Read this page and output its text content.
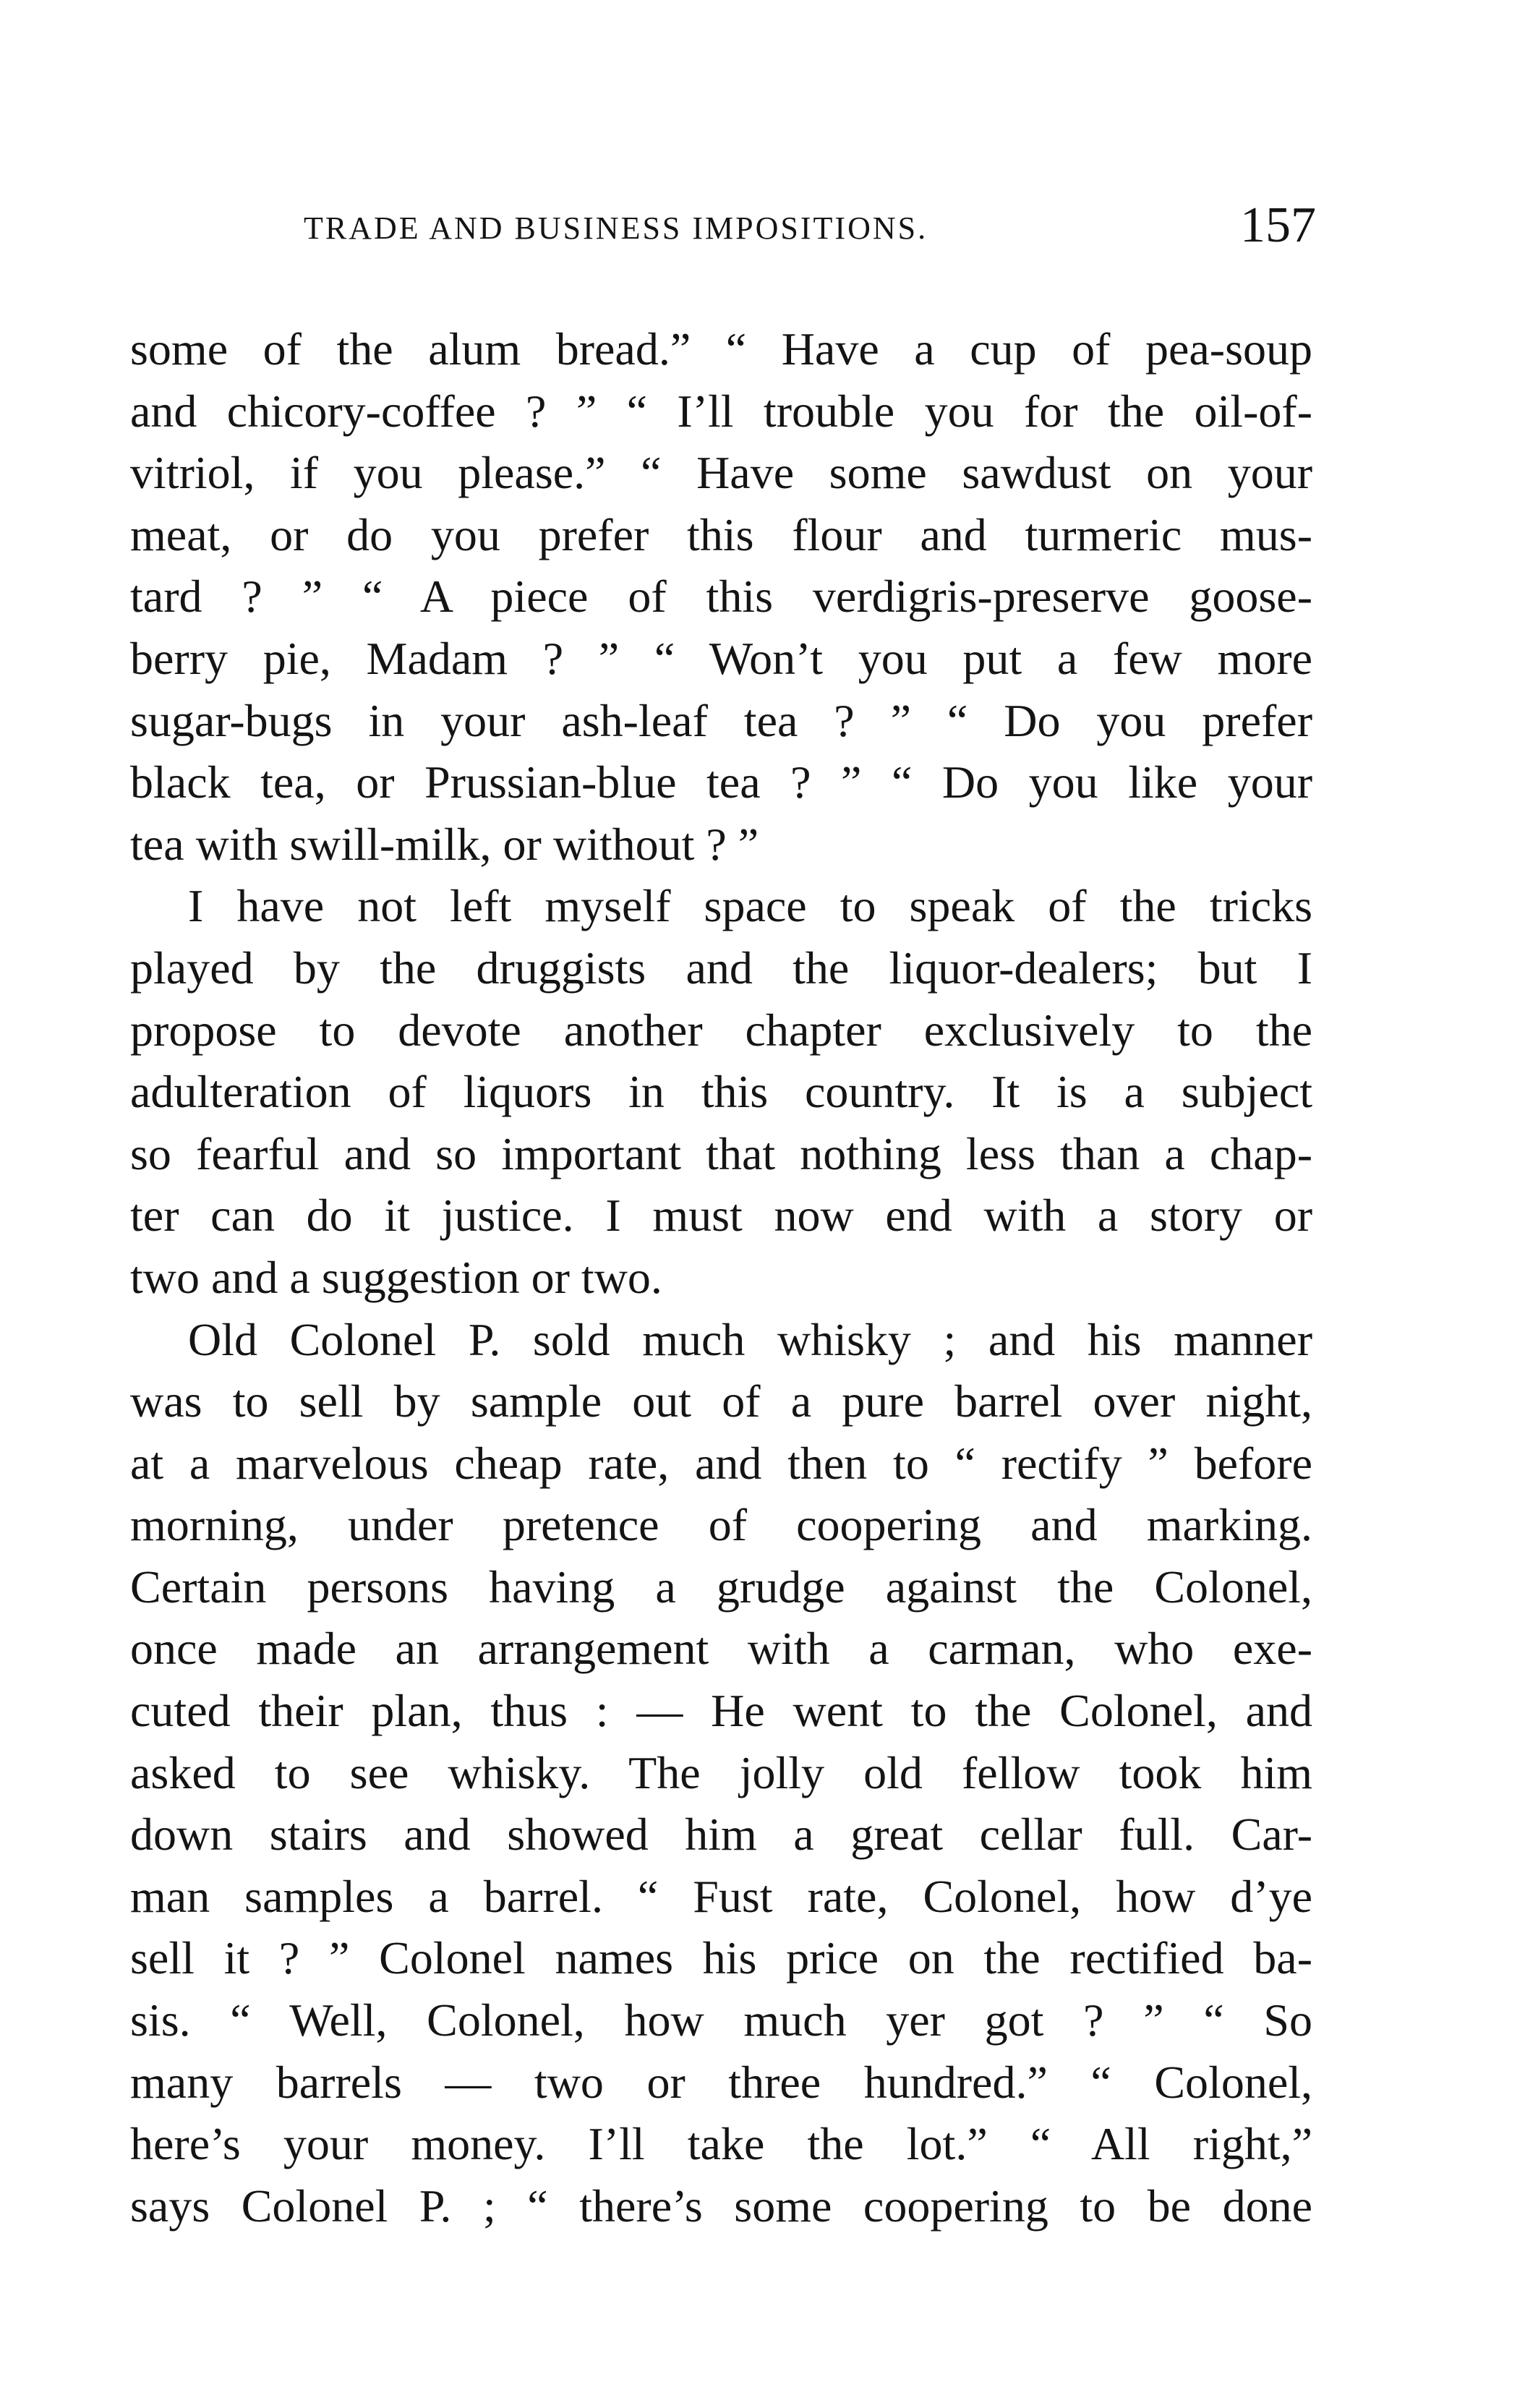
TRADE AND BUSINESS IMPOSITIONS.	157
some of the alum bread.” “ Have a cup of pea-soup
and chicory-coffee ? ” “ I’ll trouble you for the oil-of-
vitriol, if you please.” “ Have some sawdust on your
meat, or do you prefer this flour and turmeric mus-
tard ? ” “ A piece of this verdigris-preserve goose-
berry pie, Madam ? ” “ Won’t you put a few more
sugar-bugs in your ash-leaf tea ? ” “ Do you prefer
black tea, or Prussian-blue tea ? ” “ Do you like your
tea with swill-milk, or without ? ”
I have not left myself space to speak of the tricks
played by the druggists and the liquor-dealers; but I
propose to devote another chapter exclusively to the
adulteration of liquors in this country. It is a subject
so fearful and so important that nothing less than a chap-
ter can do it justice. I must now end with a story or
two and a suggestion or two.
Old Colonel P. sold much whisky ; and his manner
was to sell by sample out of a pure barrel over night,
at a marvelous cheap rate, and then to “ rectify ” before
morning, under pretence of coopering and marking.
Certain persons having a grudge against the Colonel,
once made an arrangement with a carman, who exe-
cuted their plan, thus : — He went to the Colonel, and
asked to see whisky. The jolly old fellow took him
down stairs and showed him a great cellar full. Car-
man samples a barrel. “ Fust rate, Colonel, how d’ye
sell it ? ” Colonel names his price on the rectified ba-
sis. “ Well, Colonel, how much yer got ? ” “ So
many barrels — two or three hundred.” “ Colonel,
here’s your money. I’ll take the lot.” “ All right,”
says Colonel P. ; “ there’s some coopering to be done
